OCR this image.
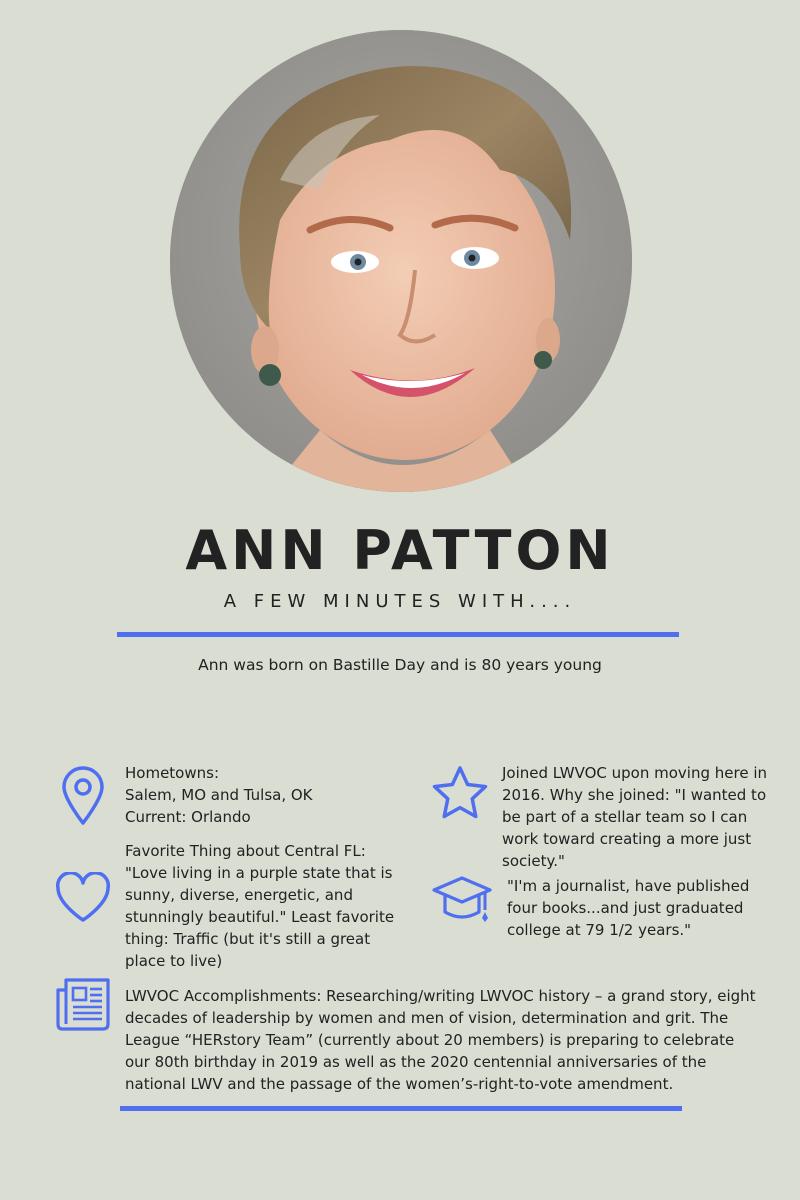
ANN PATTON
A FEW MINUTES WITH....
Ann was born on Bastille Day and is 80 years young

Hometowns:

Salem, MO and Tulsa, OK

Current: Orlando

Joined LWVOC upon moving here in 2016. Why she joined: "I wanted to be part of a stellar team so I can work toward creating a more just society."

Favorite Thing about Central FL: "Love living in a purple state that is sunny, diverse, energetic, and stunningly beautiful." Least favorite thing: Traffic (but it's still a great place to live)

"I'm a journalist, have published four books...and just graduated college at 79 1/2 years."

LWVOC Accomplishments: Researching/writing LWVOC history – a grand story, eight decades of leadership by women and men of vision, determination and grit. The League “HERstory Team” (currently about 20 members) is preparing to celebrate our 80th birthday in 2019 as well as the 2020 centennial anniversaries of the national LWV and the passage of the women’s-right-to-vote amendment.
